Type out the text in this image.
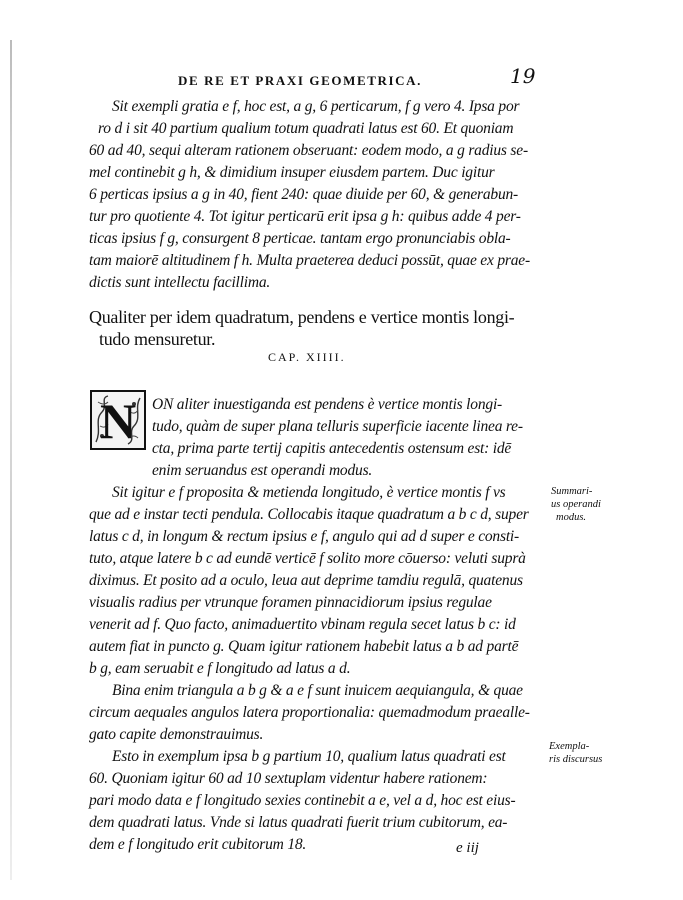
DE RE ET PRAXI GEOMETRICA.	19
Sit exempli gratia e f, hoc est, a g, 6 perticarum, f g vero 4. Ipsa por
ro d i sit 40 partium qualium totum quadrati latus est 60. Et quoniam
60 ad 40, sequi alteram rationem obseruant: eodem modo, a g radius se-
mel continebit g h, & dimidium insuper eiusdem partem. Duc igitur
6 perticas ipsius a g in 40, fient 240: quae diuide per 60, & generabun-
tur pro quotiente 4. Tot igitur perticarū erit ipsa g h: quibus adde 4 per-
ticas ipsius f g, consurgent 8 perticae. tantam ergo pronunciabis obla-
tam maiorē altitudinem f h. Multa praeterea deduci possūt, quae ex prae-
dictis sunt intellectu facillima.
Qualiter per idem quadratum, pendens e vertice montis longi-
tudo mensuretur.
CAP. XIIII.
N ON aliter inuestiganda est pendens è vertice montis longi-
tudo, quàm de super plana telluris superficie iacente linea re-
cta, prima parte tertij capitis antecedentis ostensum est: idē
enim seruandus est operandi modus.
Sit igitur e f proposita & metienda longitudo, è vertice montis f vs
que ad e instar tecti pendula. Collocabis itaque quadratum a b c d, super
latus c d, in longum & rectum ipsius e f, angulo qui ad d super e consti-
tuto, atque latere b c ad eundē verticē f solito more cōuerso: veluti suprà
diximus. Et posito ad a oculo, leua aut deprime tamdiu regulā, quatenus
visualis radius per vtrunque foramen pinnacidiorum ipsius regulae
venerit ad f. Quo facto, animaduertito vbinam regula secet latus b c: id
autem fiat in puncto g. Quam igitur rationem habebit latus a b ad partē
b g, eam seruabit e f longitudo ad latus a d.
Bina enim triangula a b g & a e f sunt inuicem aequiangula, & quae
circum aequales angulos latera proportionalia: quemadmodum praealle-
gato capite demonstrauimus.
Esto in exemplum ipsa b g partium 10, qualium latus quadrati est
60. Quoniam igitur 60 ad 10 sextuplam videntur habere rationem:
pari modo data e f longitudo sexies continebit a e, vel a d, hoc est eius-
dem quadrati latus. Vnde si latus quadrati fuerit trium cubitorum, ea-
dem e f longitudo erit cubitorum 18.
Summari-
us operandi
modus.
Exempla-
ris discursus
e iij
